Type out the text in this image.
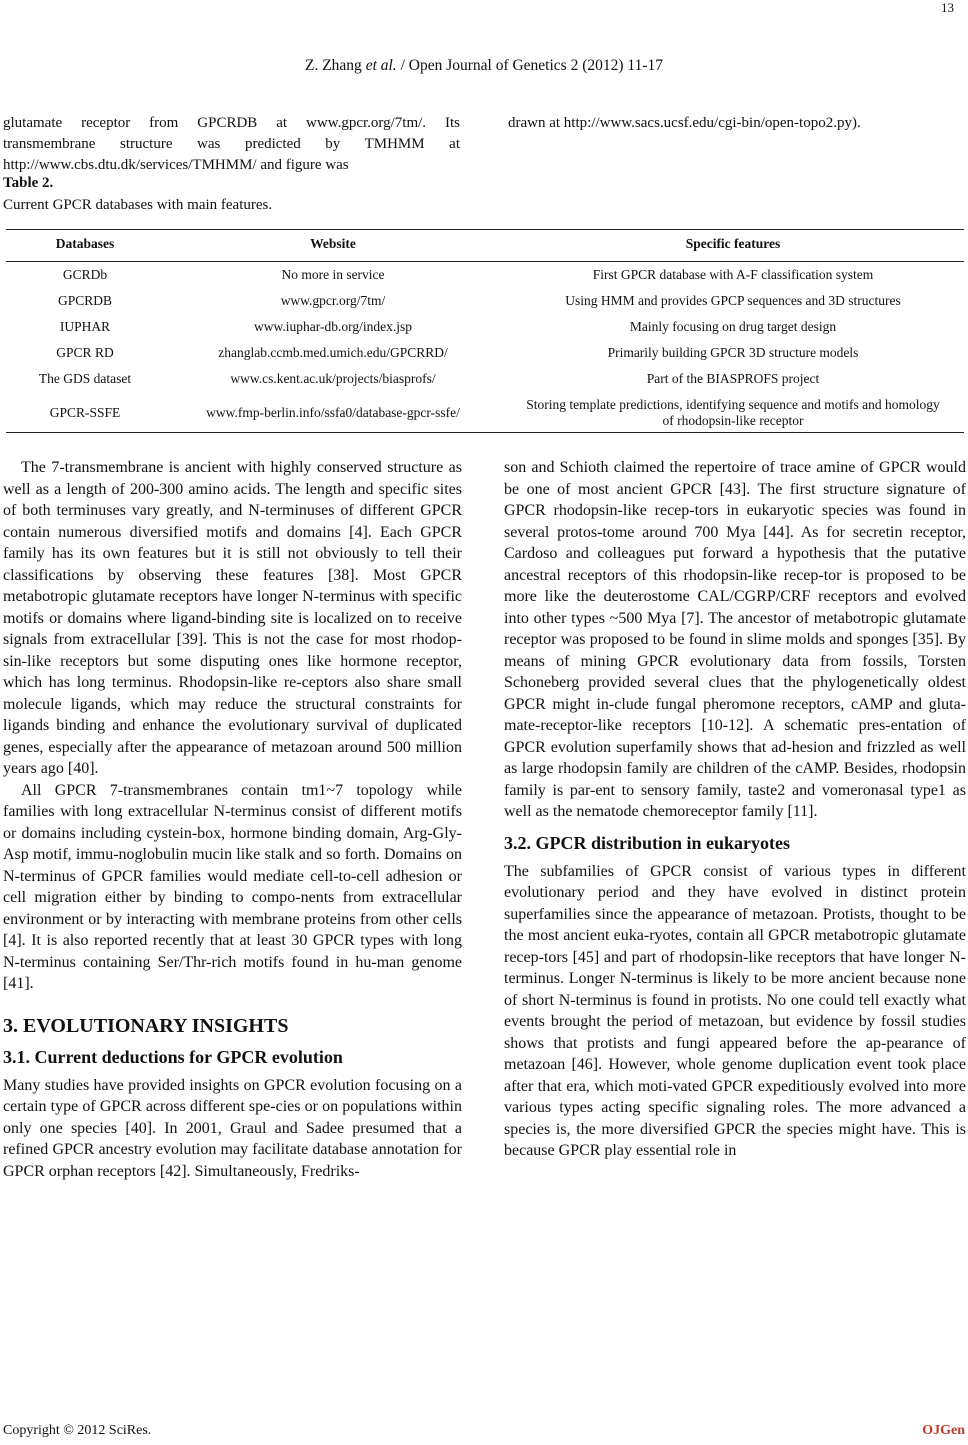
13
Z. Zhang et al. / Open Journal of Genetics 2 (2012) 11-17
glutamate receptor from GPCRDB at www.gpcr.org/7tm/. Its transmembrane structure was predicted by TMHMM at http://www.cbs.dtu.dk/services/TMHMM/ and figure was
drawn at http://www.sacs.ucsf.edu/cgi-bin/open-topo2.py).
Table 2.
Current GPCR databases with main features.
Databases	Website	Specific features
GCRDb	No more in service	First GPCR database with A-F classification system
GPCRDB	www.gpcr.org/7tm/	Using HMM and provides GPCP sequences and 3D structures
IUPHAR	www.iuphar-db.org/index.jsp	Mainly focusing on drug target design
GPCR RD	zhanglab.ccmb.med.umich.edu/GPCRRD/	Primarily building GPCR 3D structure models
The GDS dataset	www.cs.kent.ac.uk/projects/biasprofs/	Part of the BIASPROFS project
GPCR-SSFE	www.fmp-berlin.info/ssfa0/database-gpcr-ssfe/	Storing template predictions, identifying sequence and motifs and homology of rhodopsin-like receptor

The 7-transmembrane is ancient with highly conserved structure as well as a length of 200-300 amino acids. The length and specific sites of both terminuses vary greatly, and N-terminuses of different GPCR contain numerous diversified motifs and domains [4]. Each GPCR family has its own features but it is still not obviously to tell their classifications by observing these features [38]. Most GPCR metabotropic glutamate receptors have longer N-terminus with specific motifs or domains where ligand-binding site is localized on to receive signals from extracellular [39]. This is not the case for most rhodop-sin-like receptors but some disputing ones like hormone receptor, which has long terminus. Rhodopsin-like re-ceptors also share small molecule ligands, which may reduce the structural constraints for ligands binding and enhance the evolutionary survival of duplicated genes, especially after the appearance of metazoan around 500 million years ago [40].

All GPCR 7-transmembranes contain tm1~7 topology while families with long extracellular N-terminus consist of different motifs or domains including cystein-box, hormone binding domain, Arg-Gly-Asp motif, immu-noglobulin mucin like stalk and so forth. Domains on N-terminus of GPCR families would mediate cell-to-cell adhesion or cell migration either by binding to compo-nents from extracellular environment or by interacting with membrane proteins from other cells [4]. It is also reported recently that at least 30 GPCR types with long N-terminus containing Ser/Thr-rich motifs found in hu-man genome [41].

3. EVOLUTIONARY INSIGHTS
3.1. Current deductions for GPCR evolution

Many studies have provided insights on GPCR evolution focusing on a certain type of GPCR across different spe-cies or on populations within only one species [40]. In 2001, Graul and Sadee presumed that a refined GPCR ancestry evolution may facilitate database annotation for GPCR orphan receptors [42]. Simultaneously, Fredriks-

son and Schioth claimed the repertoire of trace amine of GPCR would be one of most ancient GPCR [43]. The first structure signature of GPCR rhodopsin-like recep-tors in eukaryotic species was found in several protos-tome around 700 Mya [44]. As for secretin receptor, Cardoso and colleagues put forward a hypothesis that the putative ancestral receptors of this rhodopsin-like recep-tor is proposed to be more like the deuterostome CAL/CGRP/CRF receptors and evolved into other types ~500 Mya [7]. The ancestor of metabotropic glutamate receptor was proposed to be found in slime molds and sponges [35]. By means of mining GPCR evolutionary data from fossils, Torsten Schoneberg provided several clues that the phylogenetically oldest GPCR might in-clude fungal pheromone receptors, cAMP and gluta-mate-receptor-like receptors [10-12]. A schematic pres-entation of GPCR evolution superfamily shows that ad-hesion and frizzled as well as large rhodopsin family are children of the cAMP. Besides, rhodopsin family is par-ent to sensory family, taste2 and vomeronasal type1 as well as the nematode chemoreceptor family [11].

3.2. GPCR distribution in eukaryotes

The subfamilies of GPCR consist of various types in different evolutionary period and they have evolved in distinct protein superfamilies since the appearance of metazoan. Protists, thought to be the most ancient euka-ryotes, contain all GPCR metabotropic glutamate recep-tors [45] and part of rhodopsin-like receptors that have longer N-terminus. Longer N-terminus is likely to be more ancient because none of short N-terminus is found in protists. No one could tell exactly what events brought the period of metazoan, but evidence by fossil studies shows that protists and fungi appeared before the ap-pearance of metazoan [46]. However, whole genome duplication event took place after that era, which moti-vated GPCR expeditiously evolved into more various types acting specific signaling roles. The more advanced a species is, the more diversified GPCR the species might have. This is because GPCR play essential role in

Copyright © 2012 SciRes.	OJGen
